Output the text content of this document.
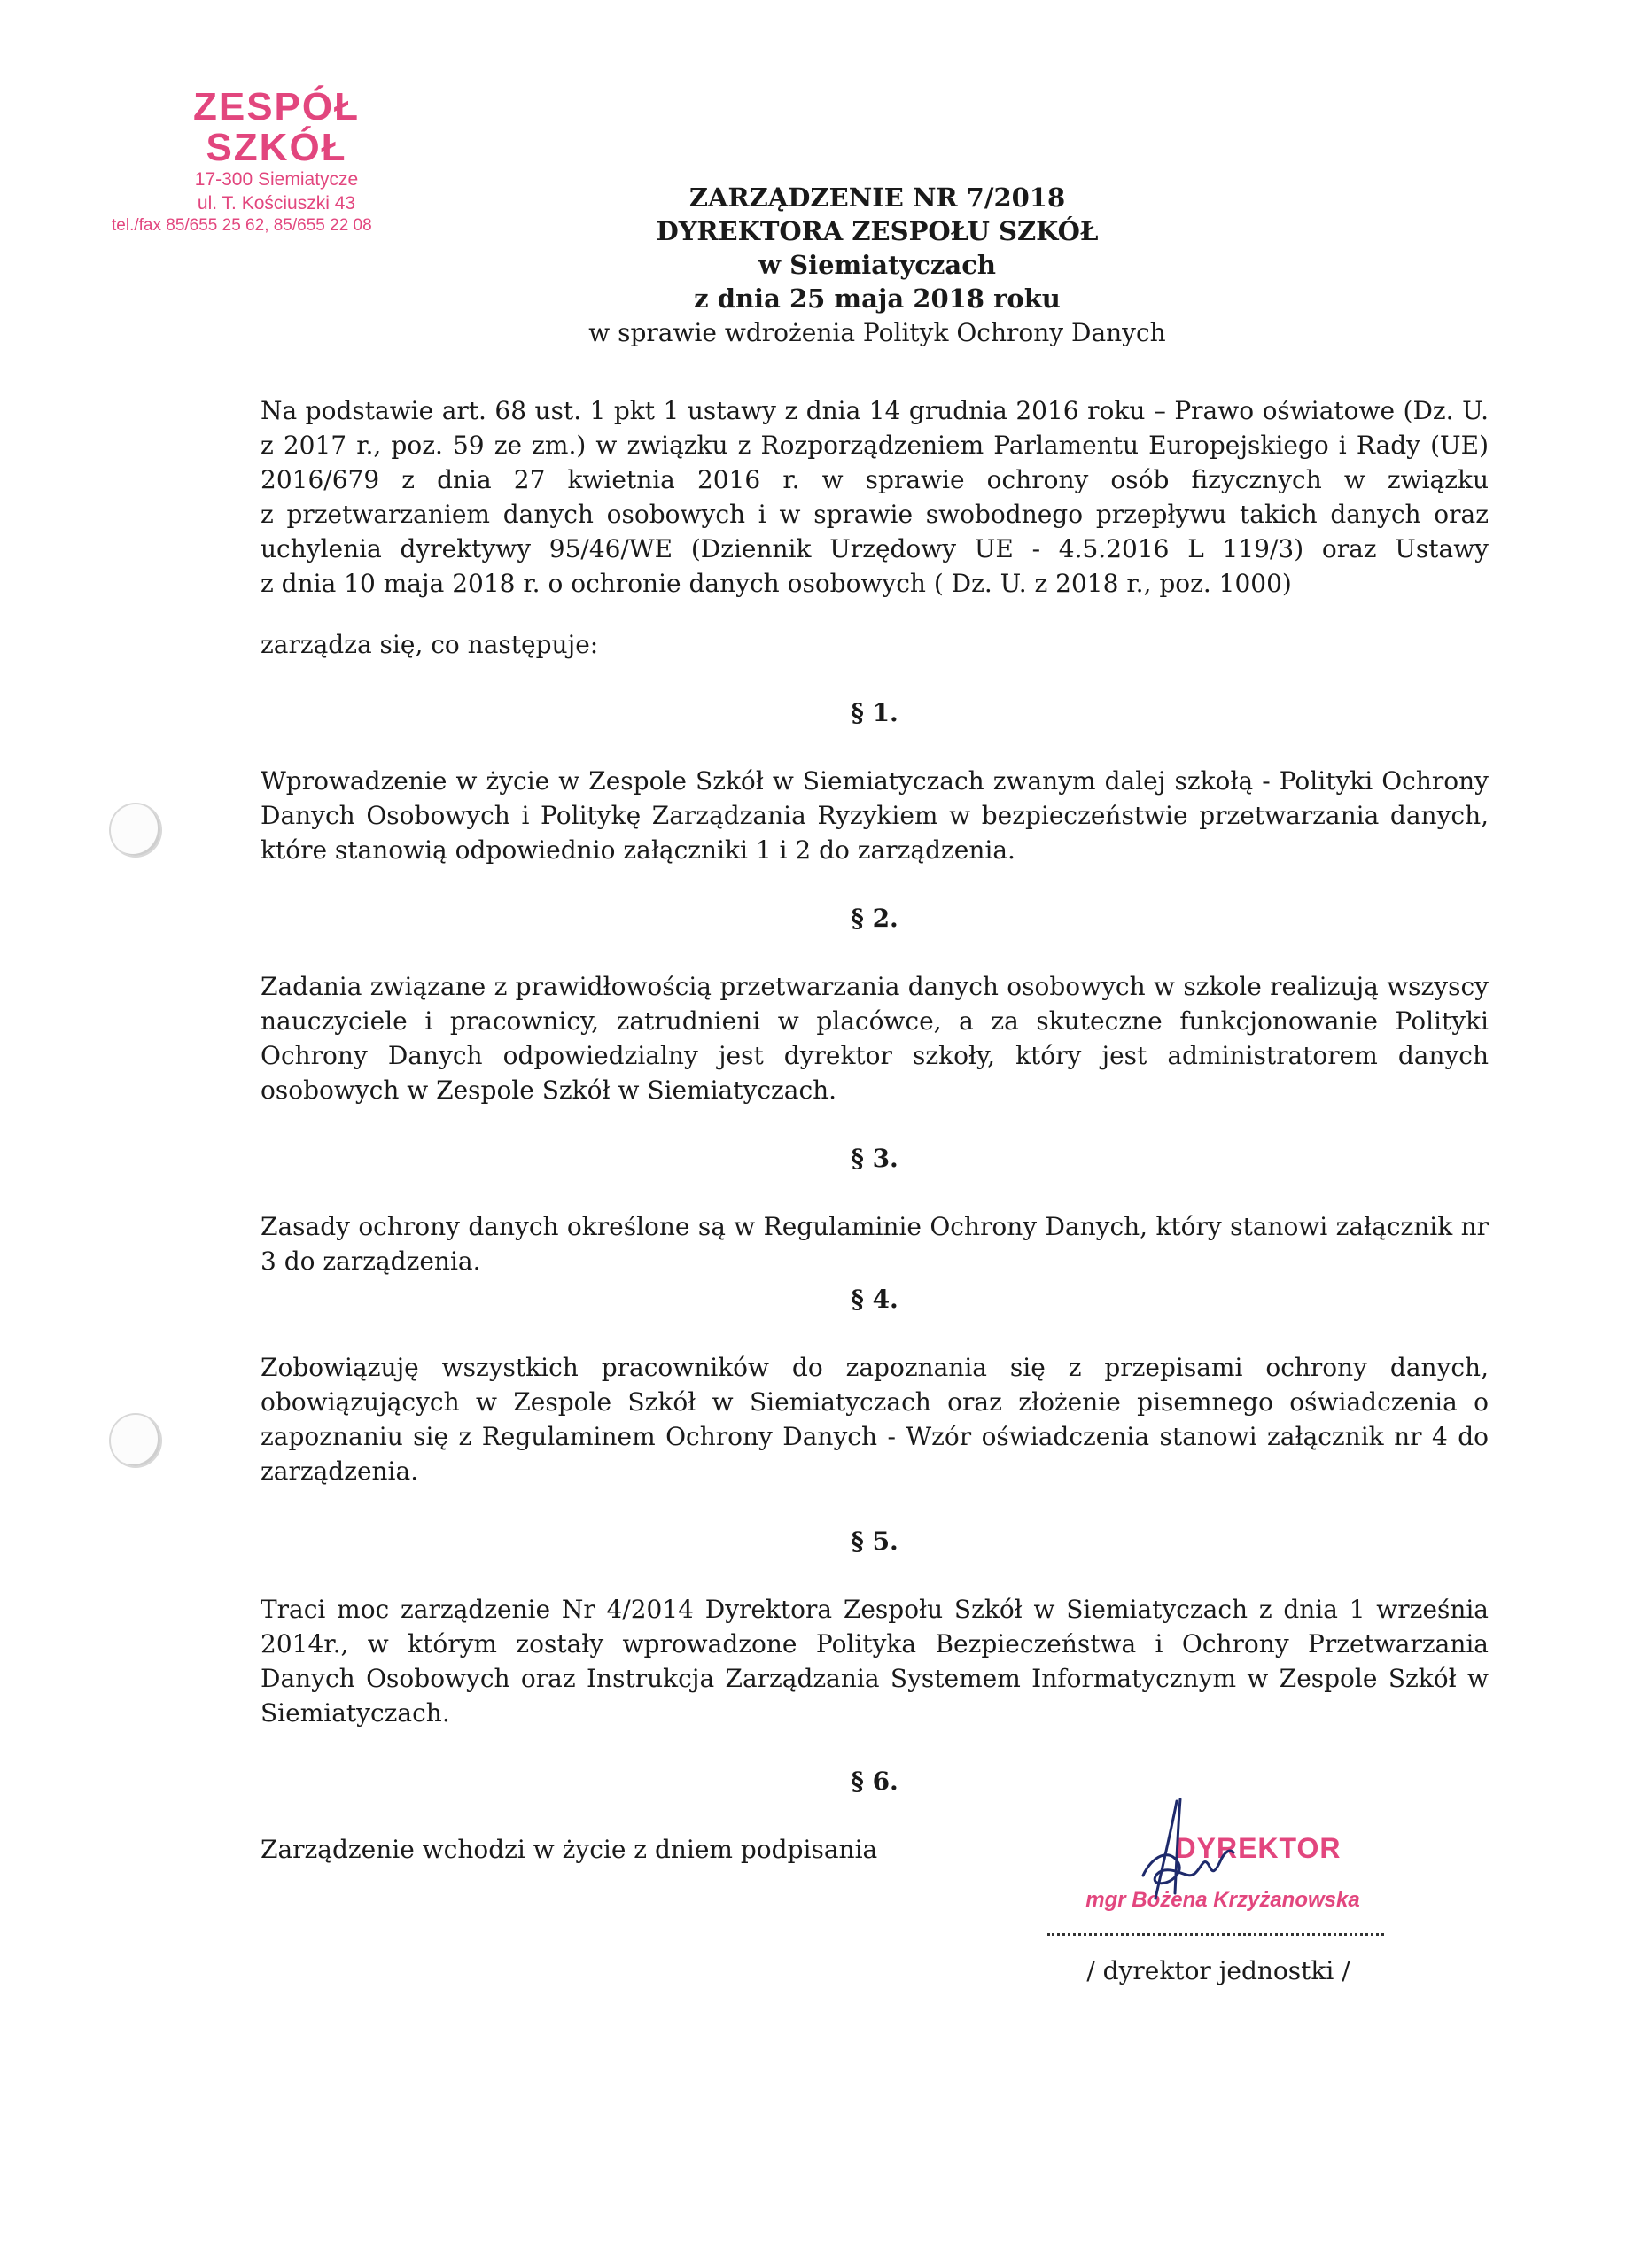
ZESPÓŁ SZKÓŁ
17-300 Siemiatycze
ul. T. Kościuszki 43
tel./fax 85/655 25 62, 85/655 22 08
ZARZĄDZENIE NR 7/2018
DYREKTORA ZESPOŁU SZKÓŁ
w Siemiatyczach
z dnia 25 maja 2018 roku
w sprawie wdrożenia Polityk Ochrony Danych
Na podstawie art. 68 ust. 1 pkt 1 ustawy z dnia 14 grudnia 2016 roku – Prawo oświatowe (Dz. U.
z 2017 r., poz. 59 ze zm.) w związku z Rozporządzeniem Parlamentu Europejskiego i Rady (UE)
2016/679 z dnia 27 kwietnia 2016 r. w sprawie ochrony osób fizycznych w związku
z przetwarzaniem danych osobowych i w sprawie swobodnego przepływu takich danych oraz
uchylenia dyrektywy 95/46/WE (Dziennik Urzędowy UE - 4.5.2016 L 119/3) oraz Ustawy
z dnia 10 maja 2018 r. o ochronie danych osobowych ( Dz. U. z 2018 r., poz. 1000)
zarządza się, co następuje:
§ 1.
Wprowadzenie w życie w Zespole Szkół w Siemiatyczach zwanym dalej szkołą - Polityki Ochrony
Danych Osobowych i Politykę Zarządzania Ryzykiem w bezpieczeństwie przetwarzania danych,
które stanowią odpowiednio załączniki 1 i 2 do zarządzenia.
§ 2.
Zadania związane z prawidłowością przetwarzania danych osobowych w szkole realizują wszyscy
nauczyciele i pracownicy, zatrudnieni w placówce, a za skuteczne funkcjonowanie Polityki
Ochrony Danych odpowiedzialny jest dyrektor szkoły, który jest administratorem danych
osobowych w Zespole Szkół w Siemiatyczach.
§ 3.
Zasady ochrony danych określone są w Regulaminie Ochrony Danych, który stanowi załącznik nr
3 do zarządzenia.
§ 4.
Zobowiązuję wszystkich pracowników do zapoznania się z przepisami ochrony danych,
obowiązujących w Zespole Szkół w Siemiatyczach oraz złożenie pisemnego oświadczenia o
zapoznaniu się z Regulaminem Ochrony Danych - Wzór oświadczenia stanowi załącznik nr 4 do
zarządzenia.
§ 5.
Traci moc zarządzenie Nr 4/2014 Dyrektora Zespołu Szkół w Siemiatyczach z dnia 1 września
2014r., w którym zostały wprowadzone Polityka Bezpieczeństwa i Ochrony Przetwarzania
Danych Osobowych oraz Instrukcja Zarządzania Systemem Informatycznym w Zespole Szkół w
Siemiatyczach.
§ 6.
Zarządzenie wchodzi w życie z dniem podpisania	DYREKTOR
mgr Bożena Krzyżanowska
/ dyrektor jednostki /
